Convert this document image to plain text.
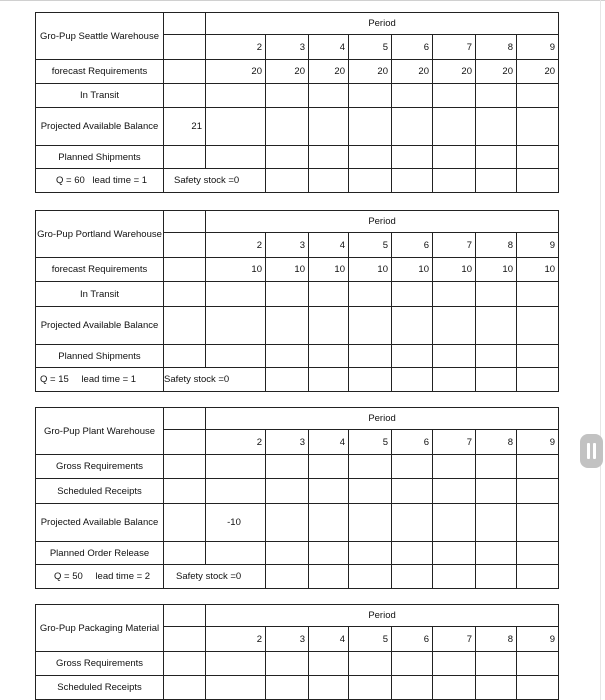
Gro-Pup Seattle Warehouse		Period							
		2	3	4	5	6	7	8	9
forecast Requirements		20	20	20	20	20	20	20	20
In Transit									
Projected Available Balance	21								
Planned Shipments									
Q = 60 lead time = 1	Safety stock =0								
Gro-Pup Portland Warehouse		Period							
		2	3	4	5	6	7	8	9
forecast Requirements		10	10	10	10	10	10	10	10
In Transit									
Projected Available Balance									
Planned Shipments									
Q = 15 lead time = 1	Safety stock =0								
Gro-Pup Plant Warehouse		Period							
		2	3	4	5	6	7	8	9
Gross Requirements									
Scheduled Receipts									
Projected Available Balance		-10							
Planned Order Release									
Q = 50 lead time = 2	Safety stock =0								
Gro-Pup Packaging Material		Period							
		2	3	4	5	6	7	8	9
Gross Requirements									
Scheduled Receipts									
